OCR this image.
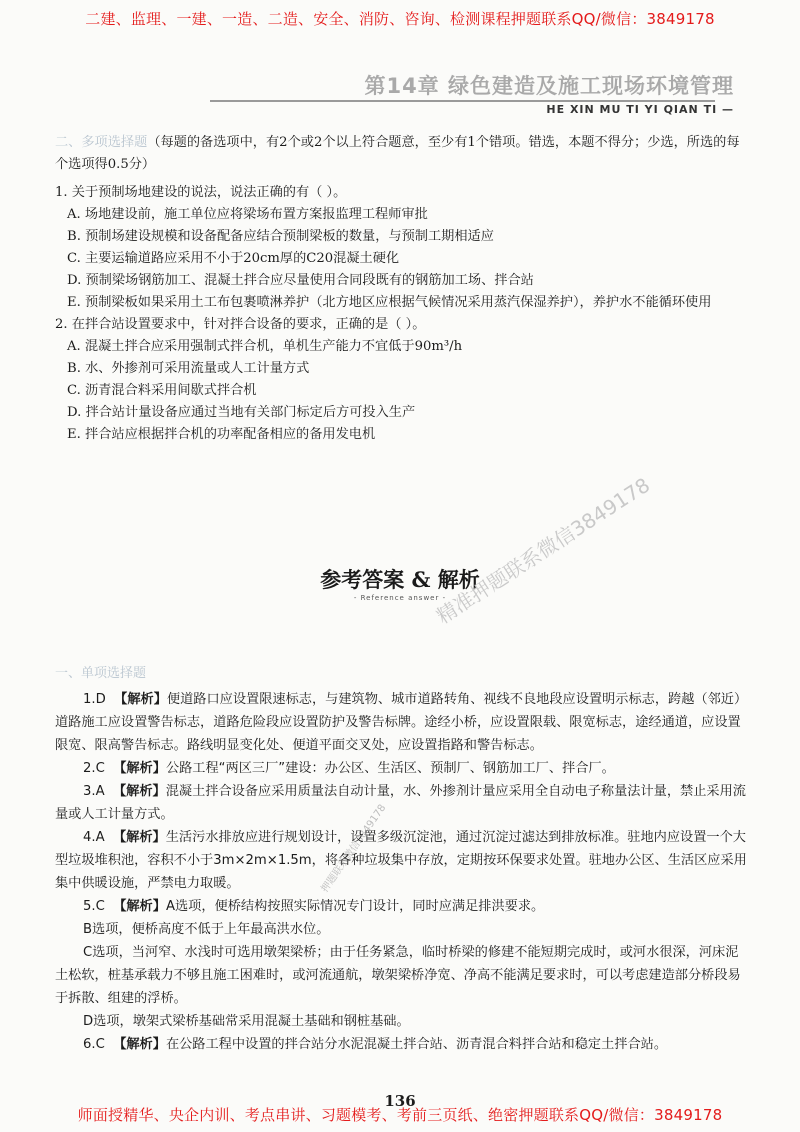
二建、监理、一建、一造、二造、安全、消防、咨询、检测课程押题联系QQ/微信：3849178
第14章 绿色建造及施工现场环境管理
HE XIN MU TI YI QIAN TI —

二、多项选择题（每题的备选项中，有2个或2个以上符合题意，至少有1个错项。错选，本题不得分；少选，所选的每个选项得0.5分）

1. 关于预制场地建设的说法，说法正确的有（ ）。

A. 场地建设前，施工单位应将梁场布置方案报监理工程师审批

B. 预制场建设规模和设备配备应结合预制梁板的数量，与预制工期相适应

C. 主要运输道路应采用不小于20cm厚的C20混凝土硬化

D. 预制梁场钢筋加工、混凝土拌合应尽量使用合同段既有的钢筋加工场、拌合站

E. 预制梁板如果采用土工布包裹喷淋养护（北方地区应根据气候情况采用蒸汽保湿养护），养护水不能循环使用

2. 在拌合站设置要求中，针对拌合设备的要求，正确的是（ ）。

A. 混凝土拌合应采用强制式拌合机，单机生产能力不宜低于90m³/h

B. 水、外掺剂可采用流量或人工计量方式

C. 沥青混合料采用间歇式拌合机

D. 拌合站计量设备应通过当地有关部门标定后方可投入生产

E. 拌合站应根据拌合机的功率配备相应的备用发电机

参考答案 & 解析
- Reference answer -
精准押题联系微信3849178
押题联系微信3849178
一、单项选择题

1.D 【解析】便道路口应设置限速标志，与建筑物、城市道路转角、视线不良地段应设置明示标志，跨越（邻近）道路施工应设置警告标志，道路危险段应设置防护及警告标牌。途经小桥，应设置限载、限宽标志，途经通道，应设置限宽、限高警告标志。路线明显变化处、便道平面交叉处，应设置指路和警告标志。

2.C 【解析】公路工程“两区三厂”建设：办公区、生活区、预制厂、钢筋加工厂、拌合厂。

3.A 【解析】混凝土拌合设备应采用质量法自动计量，水、外掺剂计量应采用全自动电子称量法计量，禁止采用流量或人工计量方式。

4.A 【解析】生活污水排放应进行规划设计，设置多级沉淀池，通过沉淀过滤达到排放标准。驻地内应设置一个大型垃圾堆积池，容积不小于3m×2m×1.5m，将各种垃圾集中存放，定期按环保要求处置。驻地办公区、生活区应采用集中供暖设施，严禁电力取暖。

5.C 【解析】A选项，便桥结构按照实际情况专门设计，同时应满足排洪要求。

B选项，便桥高度不低于上年最高洪水位。

C选项，当河窄、水浅时可选用墩架梁桥；由于任务紧急，临时桥梁的修建不能短期完成时，或河水很深，河床泥土松软，桩基承载力不够且施工困难时，或河流通航，墩架梁桥净宽、净高不能满足要求时，可以考虑建造部分桥段易于拆散、组建的浮桥。

D选项，墩架式梁桥基础常采用混凝土基础和钢桩基础。

6.C 【解析】在公路工程中设置的拌合站分水泥混凝土拌合站、沥青混合料拌合站和稳定土拌合站。

136
师面授精华、央企内训、考点串讲、习题模考、考前三页纸、绝密押题联系QQ/微信：3849178
